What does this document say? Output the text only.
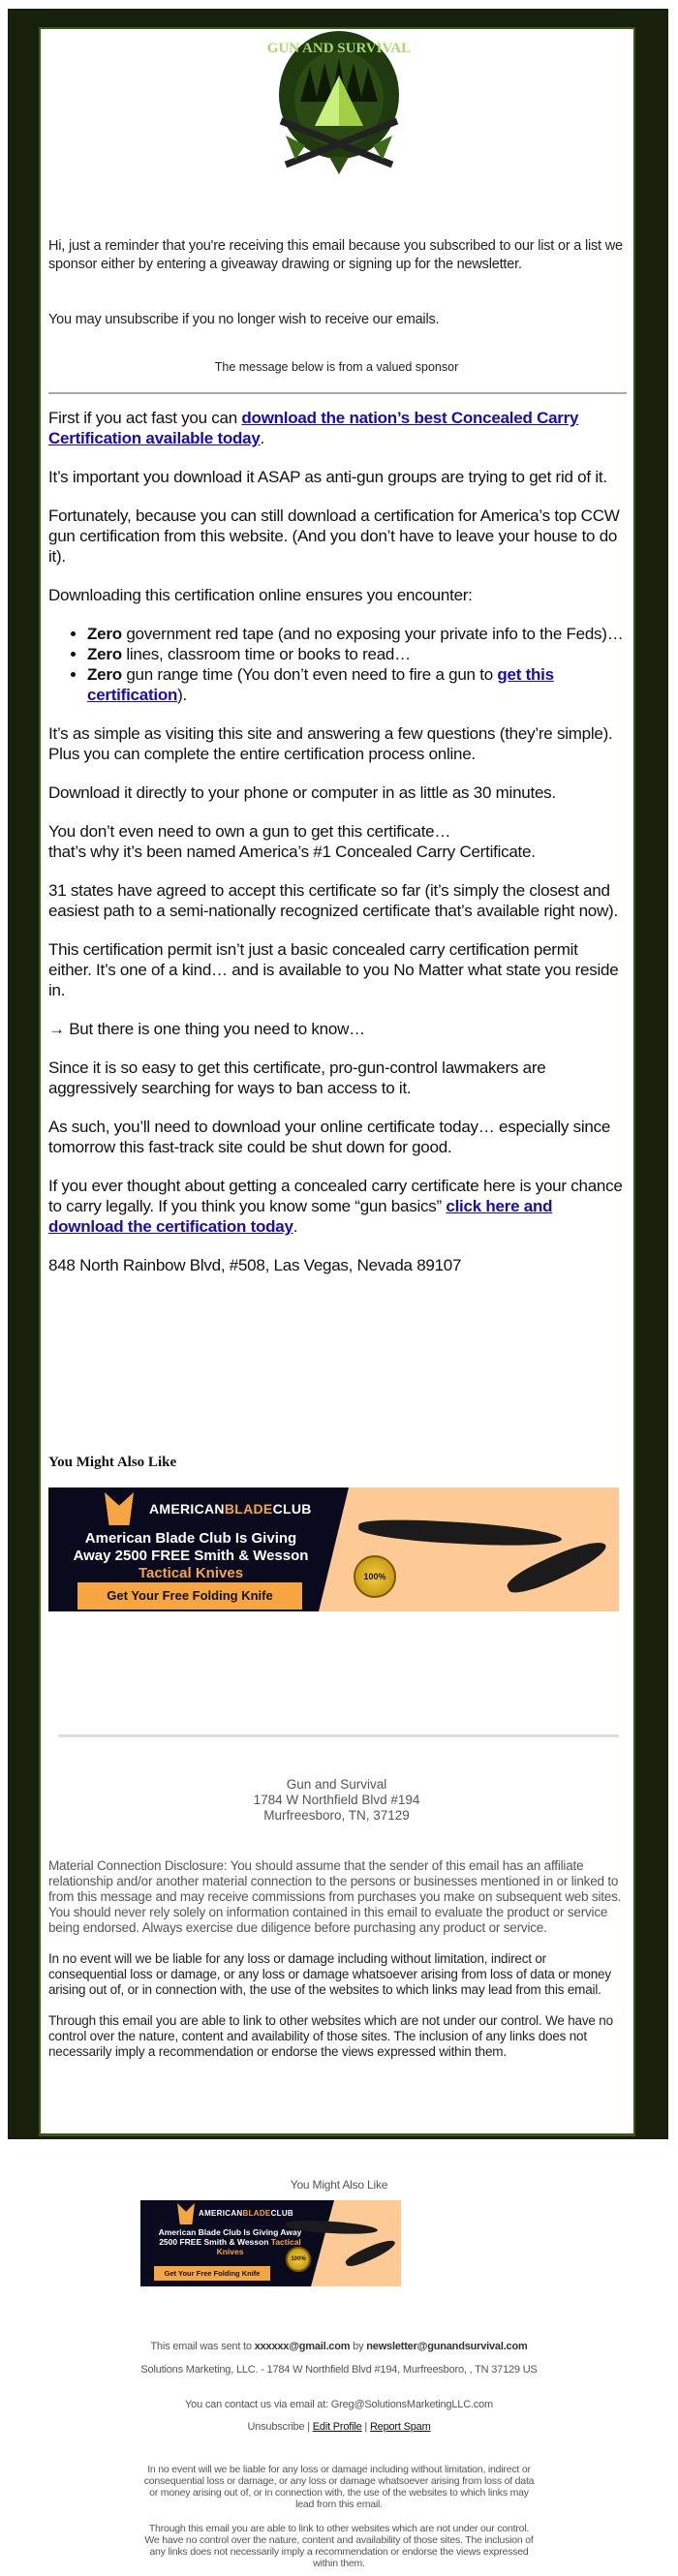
GUN AND SURVIVAL
Hi, just a reminder that you're receiving this email because you subscribed to our list or a list we sponsor either by entering a giveaway drawing or signing up for the newsletter.
You may unsubscribe if you no longer wish to receive our emails.
The message below is from a valued sponsor

First if you act fast you can download the nation’s best Concealed Carry Certification available today.

It’s important you download it ASAP as anti-gun groups are trying to get rid of it.

Fortunately, because you can still download a certification for America’s top CCW gun certification from this website. (And you don’t have to leave your house to do it).

Downloading this certification online ensures you encounter:

• Zero government red tape (and no exposing your private info to the Feds)…
• Zero lines, classroom time or books to read…
• Zero gun range time (You don’t even need to fire a gun to get this certification).

It’s as simple as visiting this site and answering a few questions (they’re simple). Plus you can complete the entire certification process online.

Download it directly to your phone or computer in as little as 30 minutes.

You don’t even need to own a gun to get this certificate…
that’s why it’s been named America’s #1 Concealed Carry Certificate.

31 states have agreed to accept this certificate so far (it’s simply the closest and easiest path to a semi-nationally recognized certificate that’s available right now).

This certification permit isn’t just a basic concealed carry certification permit either. It’s one of a kind… and is available to you No Matter what state you reside in.

→ But there is one thing you need to know…

Since it is so easy to get this certificate, pro-gun-control lawmakers are aggressively searching for ways to ban access to it.

As such, you’ll need to download your online certificate today… especially since tomorrow this fast-track site could be shut down for good.

If you ever thought about getting a concealed carry certificate here is your chance to carry legally. If you think you know some “gun basics” click here and download the certification today.

848 North Rainbow Blvd, #508, Las Vegas, Nevada 89107

You Might Also Like
AMERICANBLADECLUB
American Blade Club Is Giving Away 2500 FREE Smith & Wesson Tactical Knives
Get Your Free Folding Knife
100%
Gun and Survival
1784 W Northfield Blvd #194
Murfreesboro, TN, 37129

Material Connection Disclosure: You should assume that the sender of this email has an affiliate relationship and/or another material connection to the persons or businesses mentioned in or linked to from this message and may receive commissions from purchases you make on subsequent web sites. You should never rely solely on information contained in this email to evaluate the product or service being endorsed. Always exercise due diligence before purchasing any product or service.

In no event will we be liable for any loss or damage including without limitation, indirect or consequential loss or damage, or any loss or damage whatsoever arising from loss of data or money arising out of, or in connection with, the use of the websites to which links may lead from this email.

Through this email you are able to link to other websites which are not under our control. We have no control over the nature, content and availability of those sites. The inclusion of any links does not necessarily imply a recommendation or endorse the views expressed within them.

You Might Also Like
AMERICANBLADECLUB
American Blade Club Is Giving Away 2500 FREE Smith & Wesson Tactical Knives
Get Your Free Folding Knife
100%
This email was sent to xxxxxx@gmail.com by newsletter@gunandsurvival.com
Solutions Marketing, LLC. - 1784 W Northfield Blvd #194, Murfreesboro, , TN 37129 US
You can contact us via email at: Greg@SolutionsMarketingLLC.com
Unsubscribe | Edit Profile | Report Spam
In no event will we be liable for any loss or damage including without limitation, indirect or consequential loss or damage, or any loss or damage whatsoever arising from loss of data or money arising out of, or in connection with, the use of the websites to which links may lead from this email.
Through this email you are able to link to other websites which are not under our control. We have no control over the nature, content and availability of those sites. The inclusion of any links does not necessarily imply a recommendation or endorse the views expressed within them.
